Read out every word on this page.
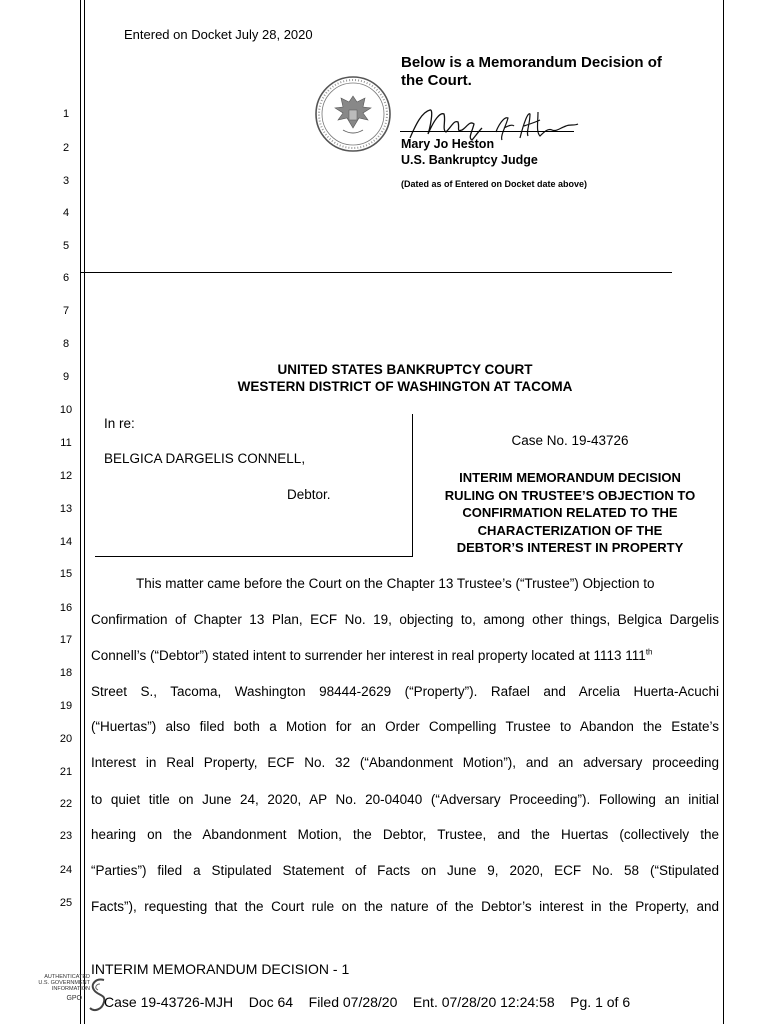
1
2
3
4
5
6
7
8
9
10
11
12
13
14
15
16
17
18
19
20
21
22
23
24
25
Entered on Docket July 28, 2020
Below is a Memorandum Decision of
the Court.
Mary Jo Heston
U.S. Bankruptcy Judge
(Dated as of Entered on Docket date above)
UNITED STATES BANKRUPTCY COURT
WESTERN DISTRICT OF WASHINGTON AT TACOMA
In re:
BELGICA DARGELIS CONNELL,
Debtor.
Case No. 19-43726
INTERIM MEMORANDUM DECISION
RULING ON TRUSTEE’S OBJECTION TO
CONFIRMATION RELATED TO THE
CHARACTERIZATION OF THE
DEBTOR’S INTEREST IN PROPERTY
This matter came before the Court on the Chapter 13 Trustee’s (“Trustee”) Objection to
Confirmation of Chapter 13 Plan, ECF No. 19, objecting to, among other things, Belgica Dargelis
Connell’s (“Debtor”) stated intent to surrender her interest in real property located at 1113 111th
Street S., Tacoma, Washington 98444-2629 (“Property”). Rafael and Arcelia Huerta-Acuchi
(“Huertas”) also filed both a Motion for an Order Compelling Trustee to Abandon the Estate’s
Interest in Real Property, ECF No. 32 (“Abandonment Motion”), and an adversary proceeding
to quiet title on June 24, 2020, AP No. 20-04040 (“Adversary Proceeding”). Following an initial
hearing on the Abandonment Motion, the Debtor, Trustee, and the Huertas (collectively the
“Parties”) filed a Stipulated Statement of Facts on June 9, 2020, ECF No. 58 (“Stipulated
Facts”), requesting that the Court rule on the nature of the Debtor’s interest in the Property, and
INTERIM MEMORANDUM DECISION - 1
AUTHENTICATED
U.S. GOVERNMENT
INFORMATION
GPO Case 19-43726-MJH    Doc 64    Filed 07/28/20    Ent. 07/28/20 12:24:58    Pg. 1 of 6
